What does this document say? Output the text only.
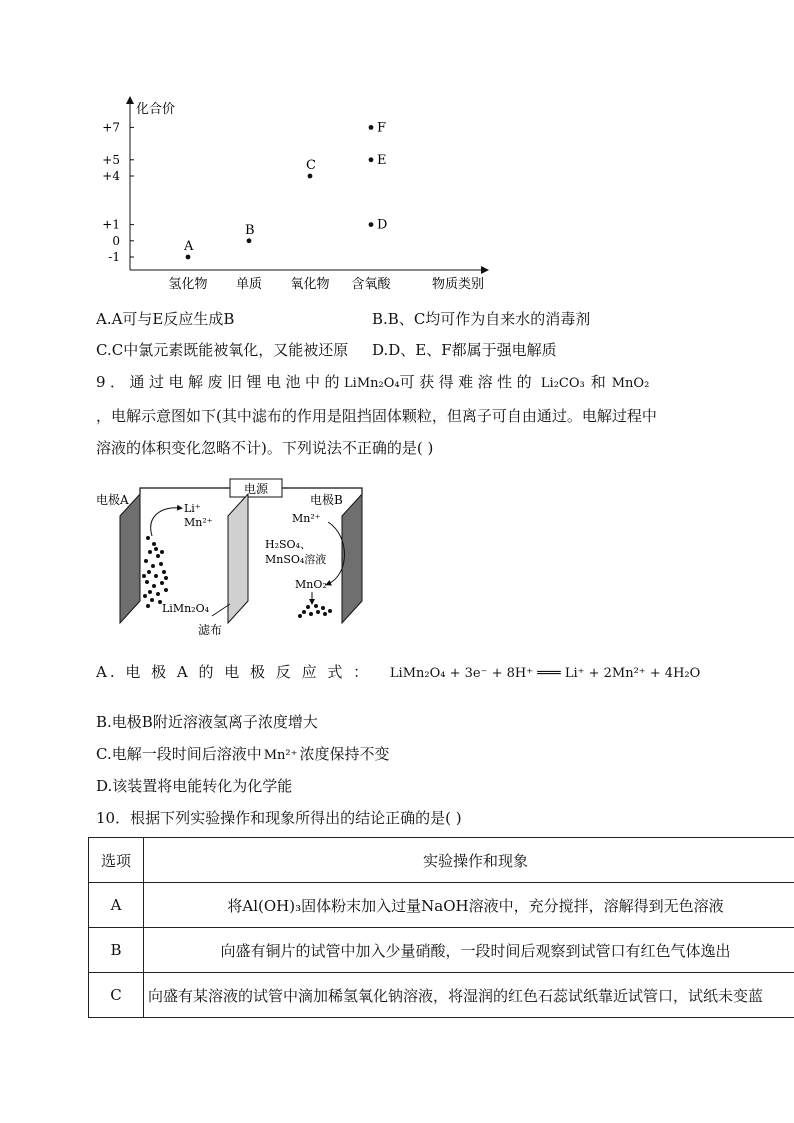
化合价
+7
+5
+4
+1
0
-1
氢化物 单质 氧化物 含氧酸	物质类别
A
B
C
D
E
F
A.A可与E反应生成B	B.B、C均可作为自来水的消毒剂
C.C中氯元素既能被氧化，又能被还原 D.D、E、F都属于强电解质
9．通过电解废旧锂电池中的LiMn₂O₄可获得难溶性的 Li₂CO₃ 和 MnO₂
，电解示意图如下(其中滤布的作用是阻挡固体颗粒，但离子可自由通过。电解过程中
溶液的体积变化忽略不计)。下列说法不正确的是( )
电源
电极A	电极B
Li⁺
Mn²⁺
LiMn₂O₄
滤布
H₂SO₄、
MnSO₄溶液
Mn²⁺
MnO₂
A. 电 极 A 的 电 极 反 应 式 ： LiMn₂O₄ + 3e⁻ + 8H⁺ ═══ Li⁺ + 2Mn²⁺ + 4H₂O
B.电极B附近溶液氢离子浓度增大
C.电解一段时间后溶液中 Mn²⁺ 浓度保持不变
D.该装置将电能转化为化学能
10．根据下列实验操作和现象所得出的结论正确的是( )
选项	实验操作和现象
A	将Al(OH)₃固体粉末加入过量NaOH溶液中，充分搅拌，溶解得到无色溶液
B	向盛有铜片的试管中加入少量硝酸，一段时间后观察到试管口有红色气体逸出
C	向盛有某溶液的试管中滴加稀氢氧化钠溶液，将湿润的红色石蕊试纸靠近试管口，试纸未变蓝
